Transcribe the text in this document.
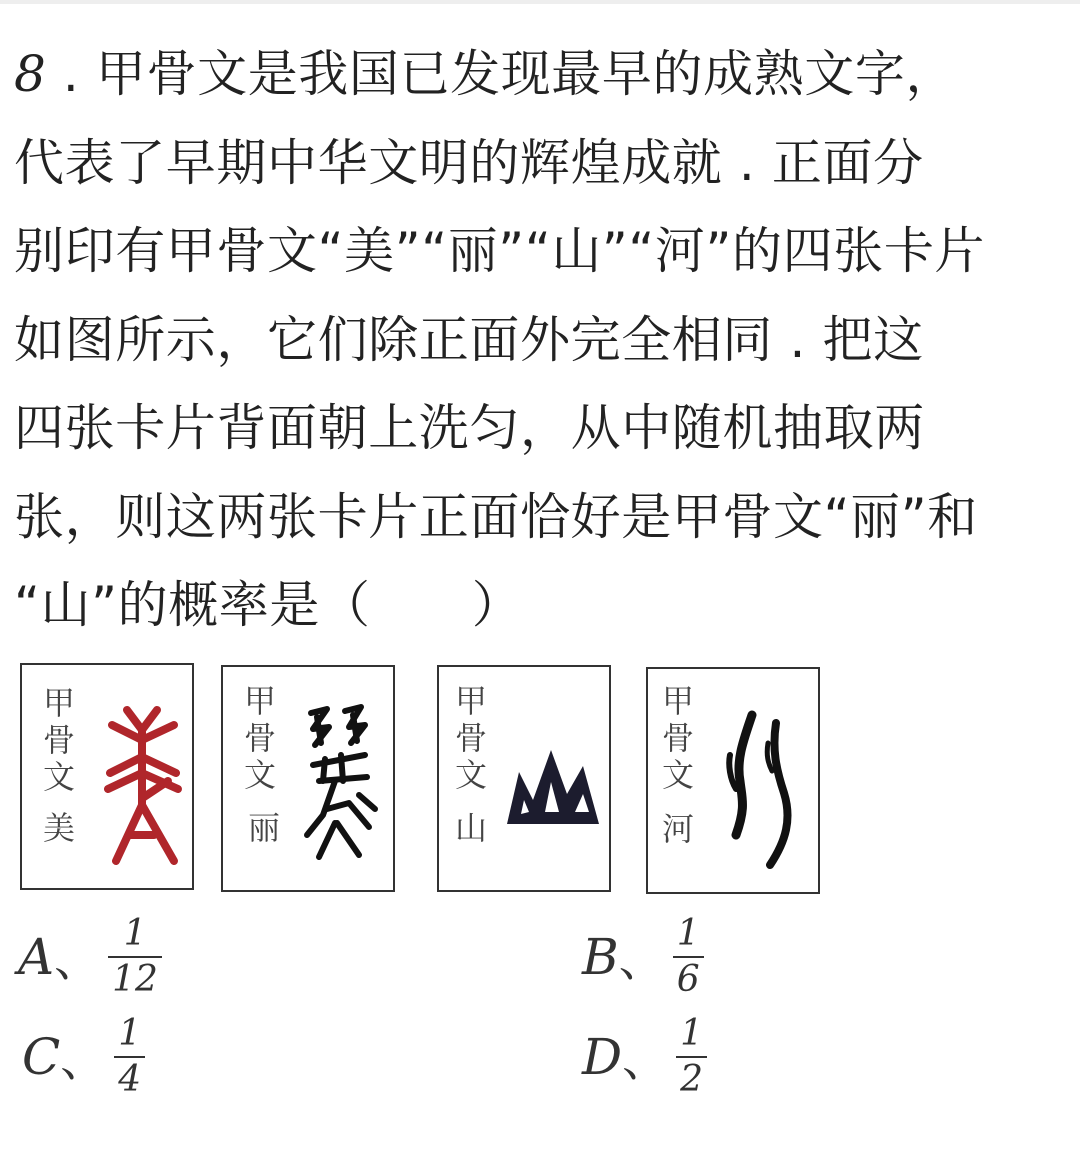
8 . 甲骨文是我国已发现最早的成熟文字，
代表了早期中华文明的辉煌成就 . 正面分
别印有甲骨文“美”“丽”“山”“河”的四张卡片
如图所示，它们除正面外完全相同 . 把这
四张卡片背面朝上洗匀，从中随机抽取两
张，则这两张卡片正面恰好是甲骨文“丽”和
“山”的概率是（　　）
甲
骨
文
美
甲
骨
文
丽
甲
骨
文
山
甲
骨
文
河
A 、 $\frac{1}{12}$	B 、 $\frac{1}{6}$
C 、 $\frac{1}{4}$	D 、 $\frac{1}{2}$
